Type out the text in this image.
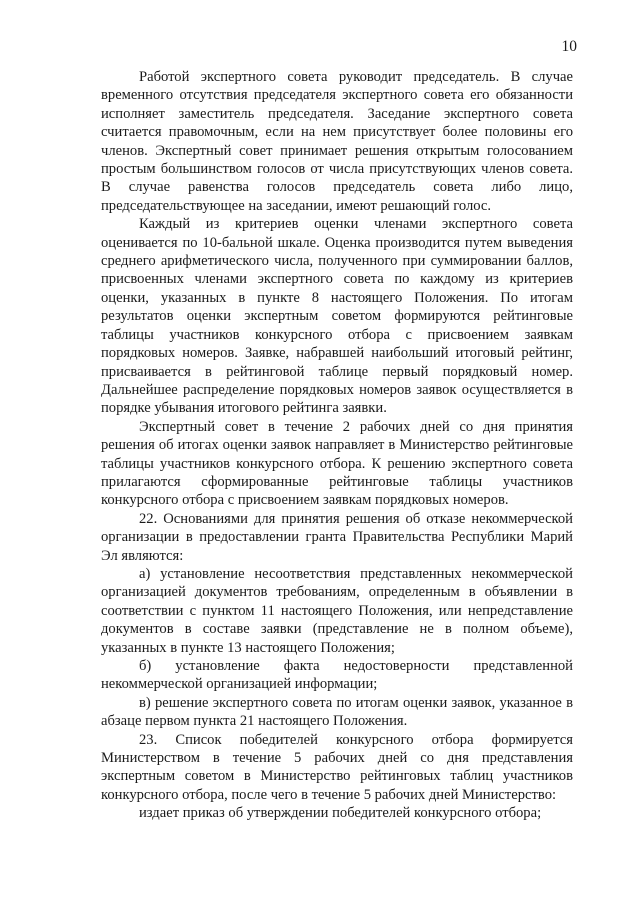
10

Работой экспертного совета руководит председатель. В случае временного отсутствия председателя экспертного совета его обязанности исполняет заместитель председателя. Заседание экспертного совета считается правомочным, если на нем присутствует более половины его членов. Экспертный совет принимает решения открытым голосованием простым большинством голосов от числа присутствующих членов совета. В случае равенства голосов председатель совета либо лицо, председательствующее на заседании, имеют решающий голос.

Каждый из критериев оценки членами экспертного совета оценивается по 10-бальной шкале. Оценка производится путем выведения среднего арифметического числа, полученного при суммировании баллов, присвоенных членами экспертного совета по каждому из критериев оценки, указанных в пункте 8 настоящего Положения. По итогам результатов оценки экспертным советом формируются рейтинговые таблицы участников конкурсного отбора с присвоением заявкам порядковых номеров. Заявке, набравшей наибольший итоговый рейтинг, присваивается в рейтинговой таблице первый порядковый номер. Дальнейшее распределение порядковых номеров заявок осуществляется в порядке убывания итогового рейтинга заявки.

Экспертный совет в течение 2 рабочих дней со дня принятия решения об итогах оценки заявок направляет в Министерство рейтинговые таблицы участников конкурсного отбора. К решению экспертного совета прилагаются сформированные рейтинговые таблицы участников конкурсного отбора с присвоением заявкам порядковых номеров.

22. Основаниями для принятия решения об отказе некоммерческой организации в предоставлении гранта Правительства Республики Марий Эл являются:

а) установление несоответствия представленных некоммерческой организацией документов требованиям, определенным в объявлении в соответствии с пунктом 11 настоящего Положения, или непредставление документов в составе заявки (представление не в полном объеме), указанных в пункте 13 настоящего Положения;

б) установление факта недостоверности представленной некоммерческой организацией информации;

в) решение экспертного совета по итогам оценки заявок, указанное в абзаце первом пункта 21 настоящего Положения.

23. Список победителей конкурсного отбора формируется Министерством в течение 5 рабочих дней со дня представления экспертным советом в Министерство рейтинговых таблиц участников конкурсного отбора, после чего в течение 5 рабочих дней Министерство:

издает приказ об утверждении победителей конкурсного отбора;
